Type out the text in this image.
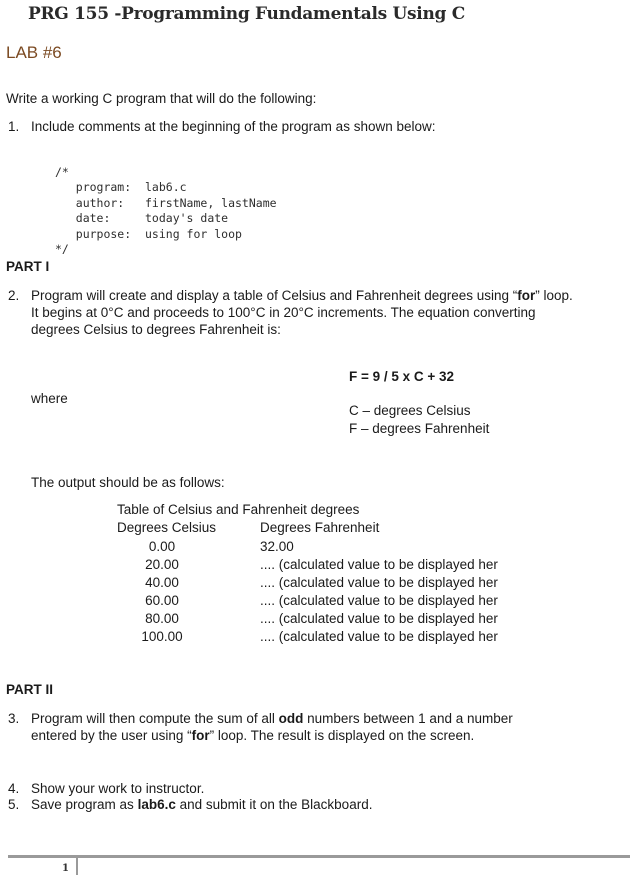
PRG 155 -Programming Fundamentals Using C
LAB #6
Write a working C program that will do the following:
1. Include comments at the beginning of the program as shown below:

/*
program:  lab6.c
author:   firstName, lastName
date:     today's date
purpose:  using for loop
*/

PART I
2. Program will create and display a table of Celsius and Fahrenheit degrees using “for” loop.
It begins at 0°C and proceeds to 100°C in 20°C increments. The equation converting
degrees Celsius to degrees Fahrenheit is:
F = 9 / 5 x C + 32
where
C – degrees Celsius
F – degrees Fahrenheit
The output should be as follows:
Table of Celsius and Fahrenheit degrees
Degrees Celsius	Degrees Fahrenheit
0.00	32.00
20.00	.... (calculated value to be displayed her
40.00	.... (calculated value to be displayed her
60.00	.... (calculated value to be displayed her
80.00	.... (calculated value to be displayed her
100.00	.... (calculated value to be displayed her
PART II
3. Program will then compute the sum of all odd numbers between 1 and a number
entered by the user using “for” loop. The result is displayed on the screen.
4. Show your work to instructor.
5. Save program as lab6.c and submit it on the Blackboard.
1
